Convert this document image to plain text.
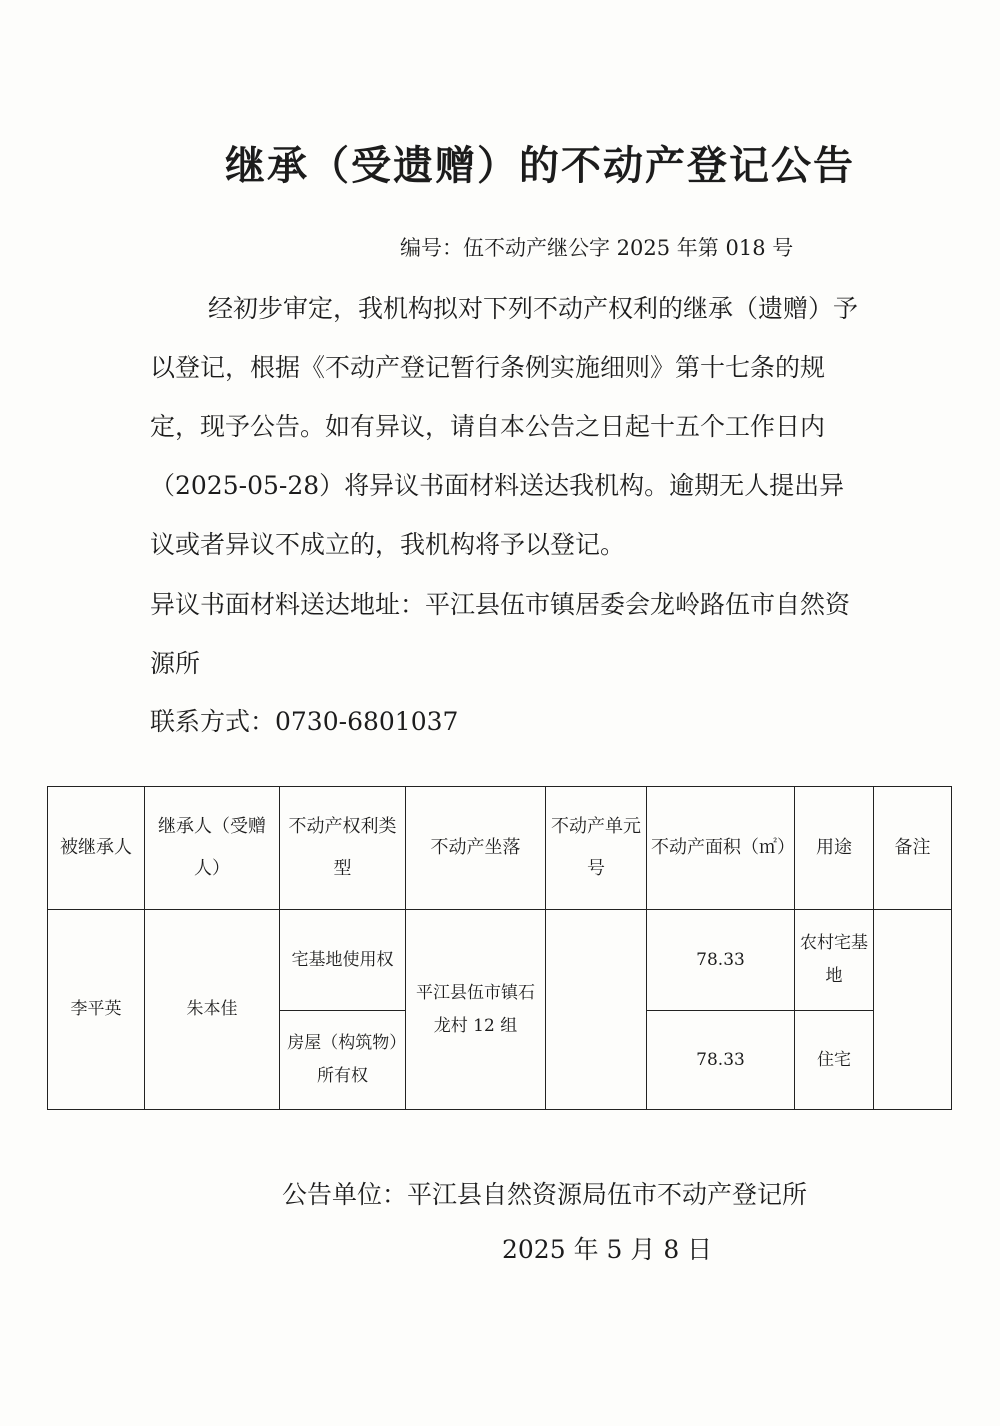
继承（受遗赠）的不动产登记公告
编号：伍不动产继公字 2025 年第 018 号
经初步审定，我机构拟对下列不动产权利的继承（遗赠）予以登记，根据《不动产登记暂行条例实施细则》第十七条的规定，现予公告。如有异议，请自本公告之日起十五个工作日内（2025-05-28）将异议书面材料送达我机构。逾期无人提出异议或者异议不成立的，我机构将予以登记。
异议书面材料送达地址：平江县伍市镇居委会龙岭路伍市自然资源所
联系方式：0730-6801037
被继承人	继承人（受赠人）	不动产权利类型	不动产坐落	不动产单元号	不动产面积（㎡）	用途	备注
李平英	朱本佳	宅基地使用权	平江县伍市镇石龙村 12 组		78.33	农村宅基地	
		房屋（构筑物）所有权			78.33	住宅	
公告单位：平江县自然资源局伍市不动产登记所
2025 年 5 月 8 日
